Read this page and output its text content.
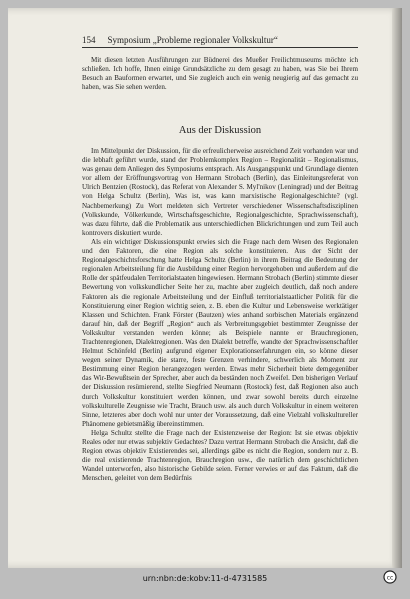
154 Symposium „Probleme regionaler Volkskultur“

Mit diesen letzten Ausführungen zur Büdnerei des Mueßer Freilichtmuseums möchte ich schließen. Ich hoffe, Ihnen einige Grundsätzliche zu dem gesagt zu haben, was Sie bei Ihrem Besuch an Bauformen erwartet, und Sie zugleich auch ein wenig neugierig auf das gemacht zu haben, was Sie sehen werden.

Aus der Diskussion

Im Mittelpunkt der Diskussion, für die erfreulicherweise ausreichend Zeit vorhanden war und die lebhaft geführt wurde, stand der Problemkomplex Region – Regionalität – Regionalismus, was genau dem Anliegen des Symposiums entsprach. Als Ausgangspunkt und Grundlage dienten vor allem der Eröffnungsvortrag von Hermann Strobach (Berlin), das Einleitungsreferat von Ulrich Bentzien (Rostock), das Referat von Alexander S. Myl'nikov (Leningrad) und der Beitrag von Helga Schultz (Berlin), Was ist, was kann marxistische Regionalgeschichte? (vgl. Nachbemerkung) Zu Wort meldeten sich Vertreter verschiedener Wissenschaftsdisziplinen (Volkskunde, Völkerkunde, Wirtschaftsgeschichte, Regionalgeschichte, Sprachwissenschaft), was dazu führte, daß die Problematik aus unterschiedlichen Blickrichtungen und zum Teil auch kontrovers diskutiert wurde.

Als ein wichtiger Diskussionspunkt erwies sich die Frage nach dem Wesen des Regionalen und den Faktoren, die eine Region als solche konstituieren. Aus der Sicht der Regionalgeschichtsforschung hatte Helga Schultz (Berlin) in ihrem Beitrag die Bedeutung der regionalen Arbeitsteilung für die Ausbildung einer Region hervorgehoben und außerdem auf die Rolle der spätfeudalen Territorialstaaten hingewiesen. Hermann Strobach (Berlin) stimmte dieser Bewertung von volkskundlicher Seite her zu, machte aber zugleich deutlich, daß noch andere Faktoren als die regionale Arbeitsteilung und der Einfluß territorialstaatlicher Politik für die Konstituierung einer Region wichtig seien, z. B. eben die Kultur und Lebensweise werktätiger Klassen und Schichten. Frank Förster (Bautzen) wies anhand sorbischen Materials ergänzend darauf hin, daß der Begriff „Region“ auch als Verbreitungsgebiet bestimmter Zeugnisse der Volkskultur verstanden werden könne; als Beispiele nannte er Brauchregionen, Trachtenregionen, Dialektregionen. Was den Dialekt betreffe, wandte der Sprachwissenschaftler Helmut Schönfeld (Berlin) aufgrund eigener Explorationserfahrungen ein, so könne dieser wegen seiner Dynamik, die starre, feste Grenzen verhindere, schwerlich als Moment zur Bestimmung einer Region herangezogen werden. Etwas mehr Sicherheit biete demgegenüber das Wir-Bewußtsein der Sprecher, aber auch da beständen noch Zweifel. Den bisherigen Verlauf der Diskussion resümierend, stellte Siegfried Neumann (Rostock) fest, daß Regionen also auch durch Volkskultur konstituiert werden können, und zwar sowohl bereits durch einzelne volkskulturelle Zeugnisse wie Tracht, Brauch usw. als auch durch Volkskultur in einem weiteren Sinne, letzteres aber doch wohl nur unter der Voraussetzung, daß eine Vielzahl volkskultureller Phänomene gebietsmäßig übereinstimmen.

Helga Schultz stellte die Frage nach der Existenzweise der Region: Ist sie etwas objektiv Reales oder nur etwas subjektiv Gedachtes? Dazu vertrat Hermann Strobach die Ansicht, daß die Region etwas objektiv Existierendes sei, allerdings gäbe es nicht die Region, sondern nur z. B. die real existierende Trachtenregion, Brauchregion usw., die natürlich dem geschichtlichen Wandel unterworfen, also historische Gebilde seien. Ferner verwies er auf das Faktum, daß die Menschen, geleitet von dem Bedürfnis

urn:nbn:de:kobv:11-d-4731585	cc
